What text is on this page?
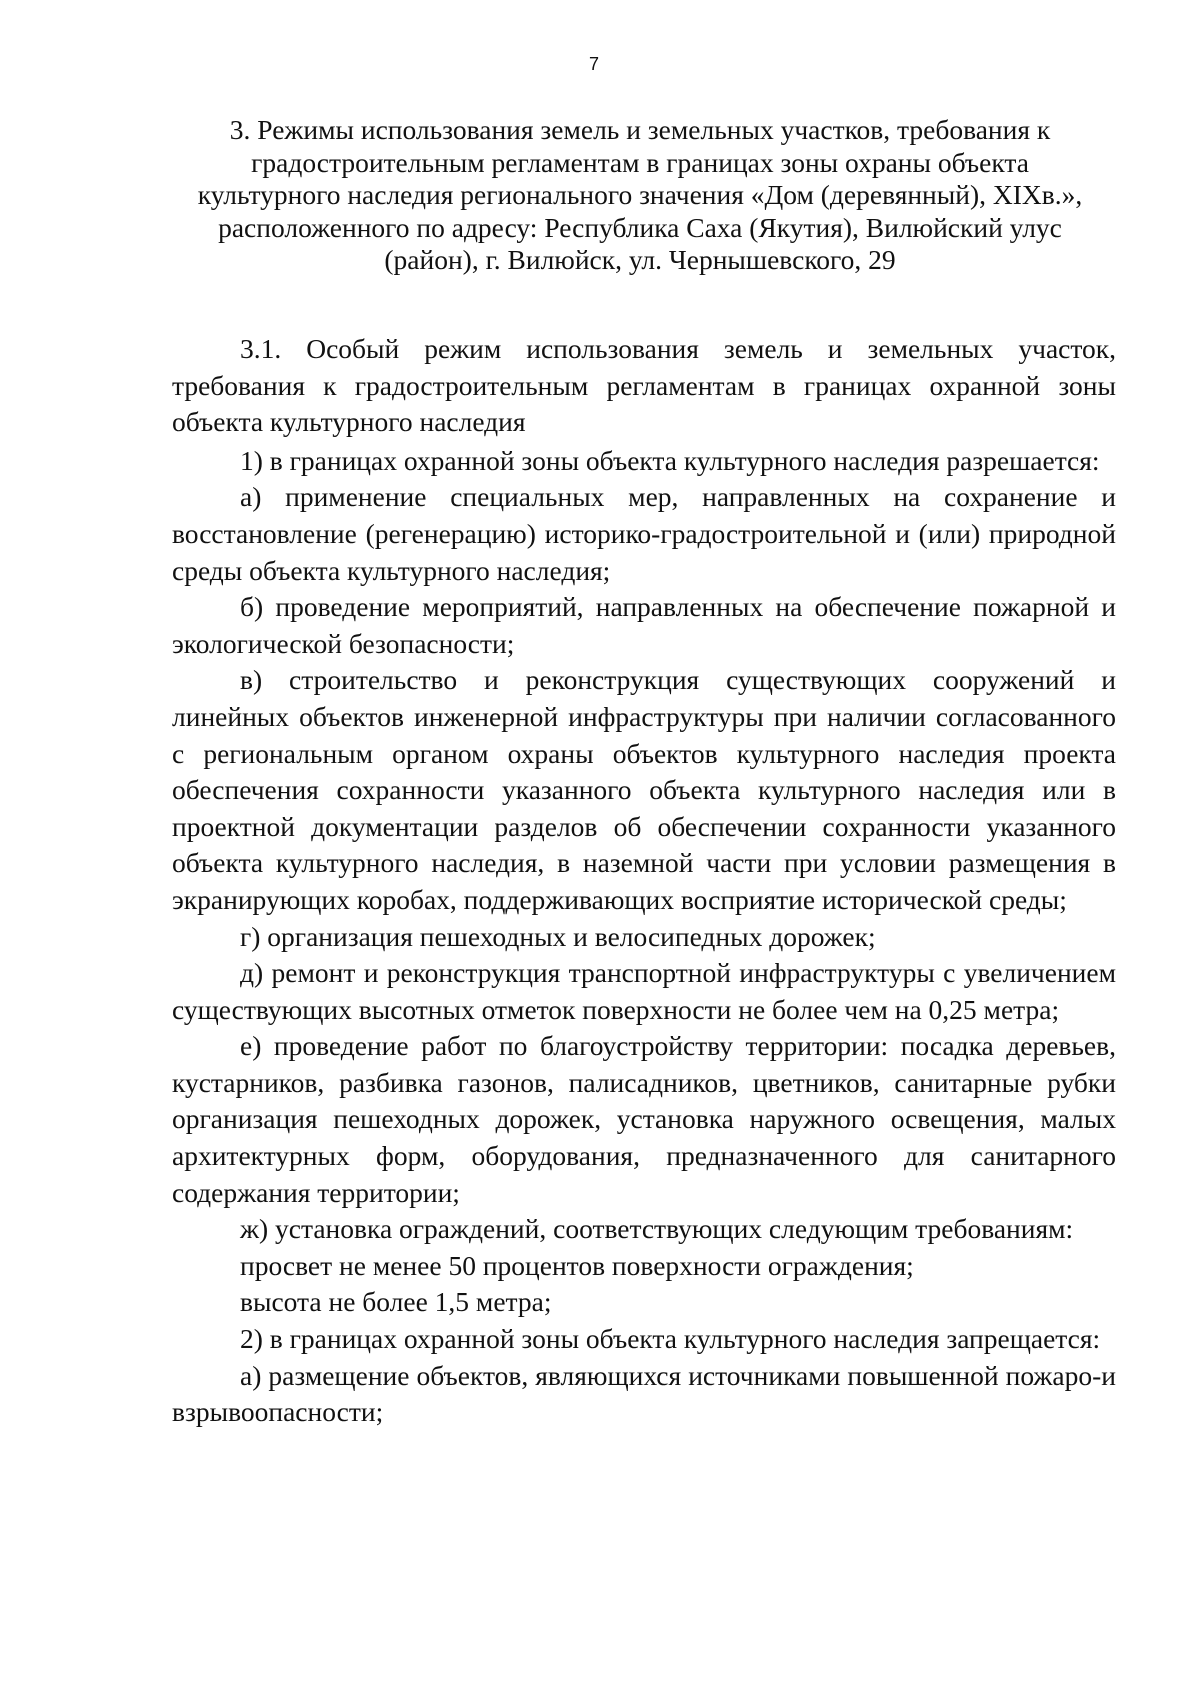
7
3. Режимы использования земель и земельных участков, требования к
градостроительным регламентам в границах зоны охраны объекта
культурного наследия регионального значения «Дом (деревянный), XIXв.»,
расположенного по адресу: Республика Саха (Якутия), Вилюйский улус
(район), г. Вилюйск, ул. Чернышевского, 29

3.1. Особый режим использования земель и земельных участок, требования к градостроительным регламентам в границах охранной зоны объекта культурного наследия

1) в границах охранной зоны объекта культурного наследия разрешается:

а) применение специальных мер, направленных на сохранение и восстановление (регенерацию) историко-градостроительной и (или) природной среды объекта культурного наследия;

б) проведение мероприятий, направленных на обеспечение пожарной и экологической безопасности;

в) строительство и реконструкция существующих сооружений и линейных объектов инженерной инфраструктуры при наличии согласованного с региональным органом охраны объектов культурного наследия проекта обеспечения сохранности указанного объекта культурного наследия или в проектной документации разделов об обеспечении сохранности указанного объекта культурного наследия, в наземной части при условии размещения в экранирующих коробах, поддерживающих восприятие исторической среды;

г) организация пешеходных и велосипедных дорожек;

д) ремонт и реконструкция транспортной инфраструктуры с увеличением существующих высотных отметок поверхности не более чем на 0,25 метра;

е) проведение работ по благоустройству территории: посадка деревьев, кустарников, разбивка газонов, палисадников, цветников, санитарные рубки организация пешеходных дорожек, установка наружного освещения, малых архитектурных форм, оборудования, предназначенного для санитарного содержания территории;

ж) установка ограждений, соответствующих следующим требованиям:

просвет не менее 50 процентов поверхности ограждения;

высота не более 1,5 метра;

2) в границах охранной зоны объекта культурного наследия запрещается:

а) размещение объектов, являющихся источниками повышенной пожаро-и взрывоопасности;
